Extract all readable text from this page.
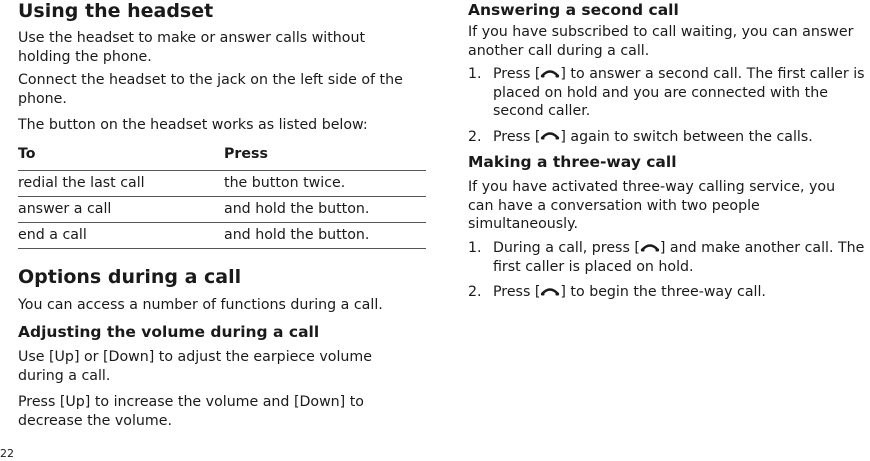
Using the headset

Use the headset to make or answer calls without holding the phone.

Connect the headset to the jack on the left side of the phone.

The button on the headset works as listed below:

To	Press
redial the last call	the button twice.
answer a call	and hold the button.
end a call	and hold the button.
Options during a call

You can access a number of functions during a call.

Adjusting the volume during a call

Use [Up] or [Down] to adjust the earpiece volume during a call.

Press [Up] to increase the volume and [Down] to decrease the volume.

Answering a second call

If you have subscribed to call waiting, you can answer another call during a call.

1. Press [ ] to answer a second call. The first caller is placed on hold and you are connected with the second caller.
2. Press [ ] again to switch between the calls.
Making a three-way call

If you have activated three-way calling service, you can have a conversation with two people simultaneously.

1. During a call, press [ ] and make another call. The first caller is placed on hold.
2. Press [ ] to begin the three-way call.
22
